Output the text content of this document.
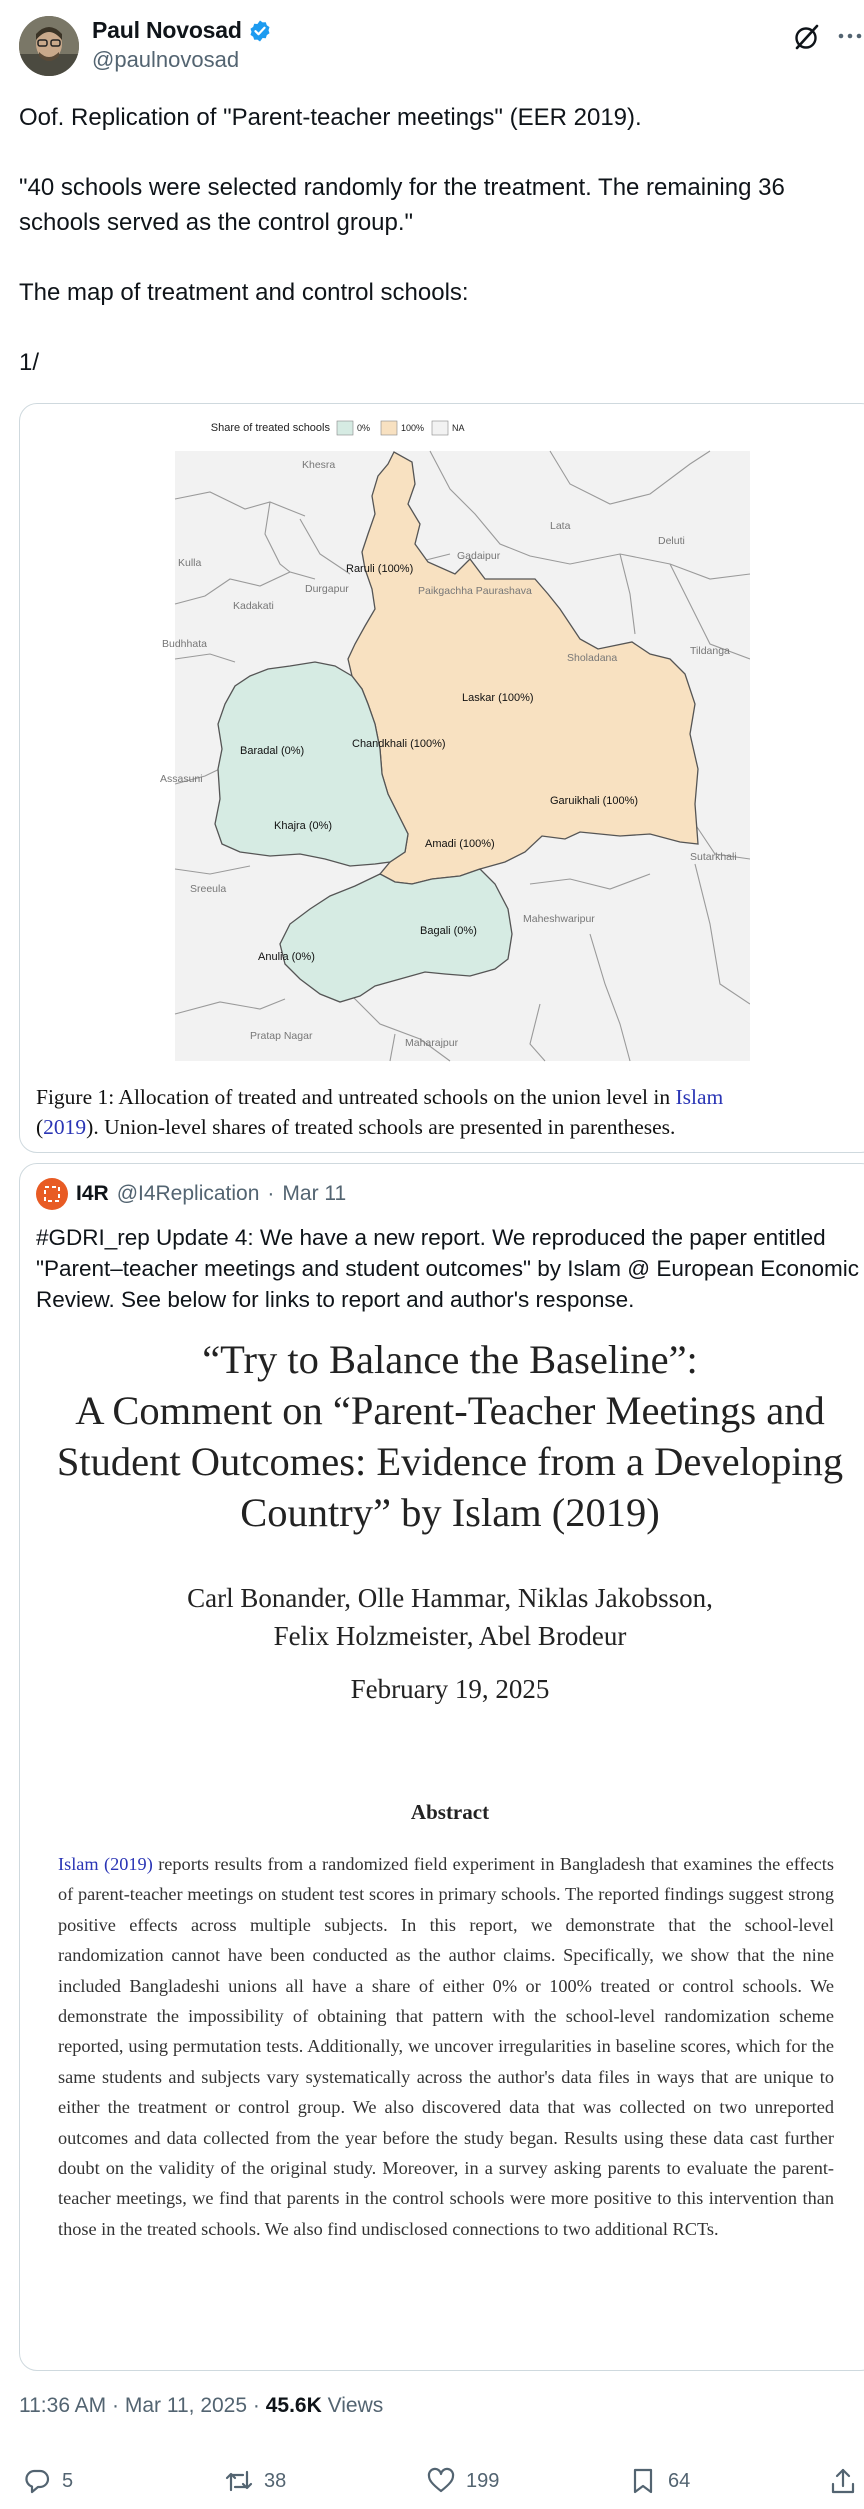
Paul Novosad
@paulnovosad

Oof. Replication of "Parent-teacher meetings" (EER 2019).

"40 schools were selected randomly for the treatment. The remaining 36 schools served as the control group."

The map of treatment and control schools:

1/

Share of treated schools	0%	100%	NA
Khesra
Lata
Deluti
Gadaipur
Kulla
Durgapur
Kadakati
Paikgachha Paurashava
Budhhata
Sholadana
Tildanga
Assasuni
Sutarkhali
Sreeula
Maheshwaripur
Pratap Nagar
Maharajpur
Raruli (100%)
Laskar (100%)
Chandkhali (100%)
Garuikhali (100%)
Amadi (100%)
Baradal (0%)
Khajra (0%)
Bagali (0%)
Anulia (0%)
Figure 1: Allocation of treated and untreated schools on the union level in Islam
(2019). Union-level shares of treated schools are presented in parentheses.
I4R @I4Replication · Mar 11
#GDRI_rep Update 4: We have a new report. We reproduced the paper entitled "Parent–teacher meetings and student outcomes" by Islam @ European Economic Review. See below for links to report and author's response.
“Try to Balance the Baseline”:
A Comment on “Parent-Teacher Meetings and
Student Outcomes: Evidence from a Developing
Country” by Islam (2019)
Carl Bonander, Olle Hammar, Niklas Jakobsson,
Felix Holzmeister, Abel Brodeur
February 19, 2025
Abstract
Islam (2019) reports results from a randomized field experiment in Bangladesh that examines the effects of parent-teacher meetings on student test scores in primary schools. The reported findings suggest strong positive effects across multiple subjects. In this report, we demonstrate that the school-level randomization cannot have been conducted as the author claims. Specifically, we show that the nine included Bangladeshi unions all have a share of either 0% or 100% treated or control schools. We demonstrate the impossibility of obtaining that pattern with the school-level randomization scheme reported, using permutation tests. Additionally, we uncover irregularities in baseline scores, which for the same students and subjects vary systematically across the author's data files in ways that are unique to either the treatment or control group. We also discovered data that was collected on two unreported outcomes and data collected from the year before the study began. Results using these data cast further doubt on the validity of the original study. Moreover, in a survey asking parents to evaluate the parent-teacher meetings, we find that parents in the control schools were more positive to this intervention than those in the treated schools. We also find undisclosed connections to two additional RCTs.
11:36 AM · Mar 11, 2025 · 45.6K Views
5	38	199	64
